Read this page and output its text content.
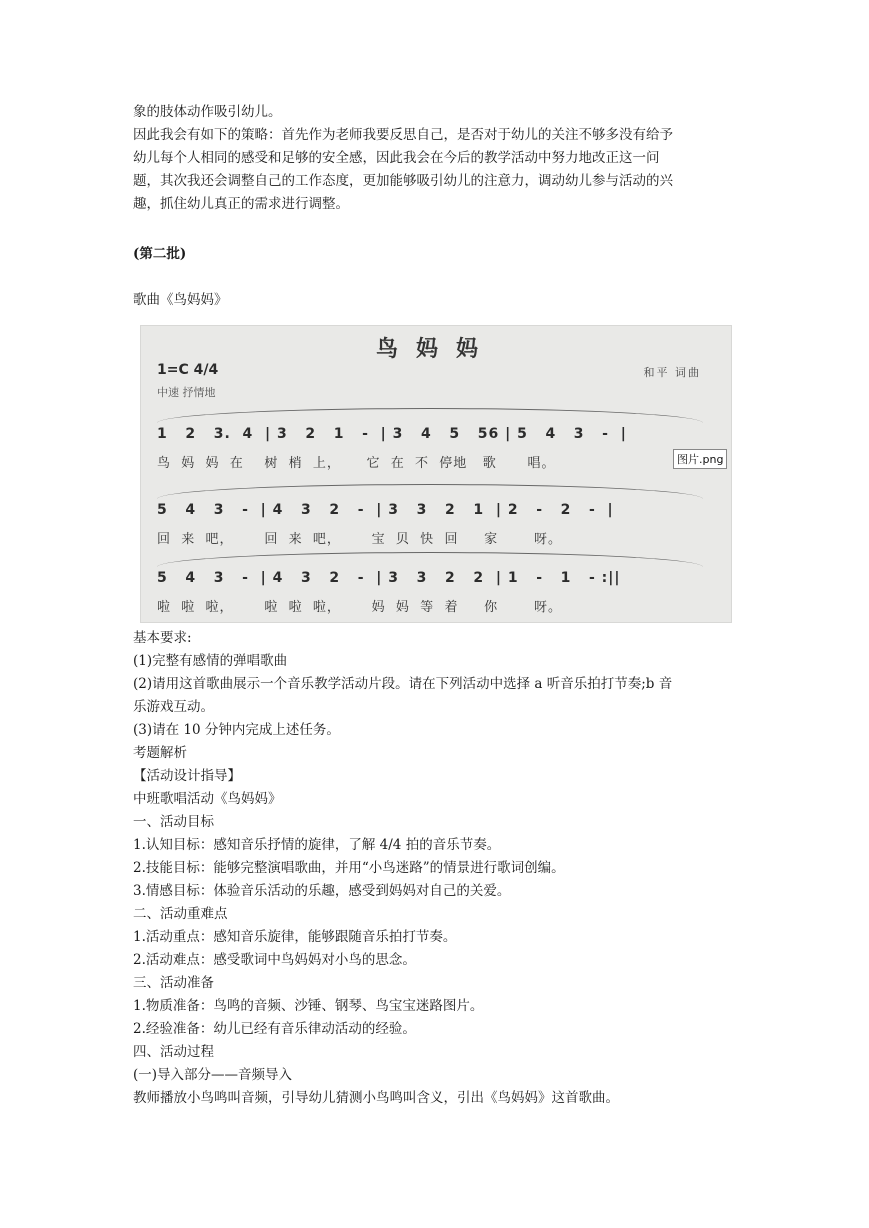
象的肢体动作吸引幼儿。

因此我会有如下的策略：首先作为老师我要反思自己，是否对于幼儿的关注不够多没有给予

幼儿每个人相同的感受和足够的安全感，因此我会在今后的教学活动中努力地改正这一问

题，其次我还会调整自己的工作态度，更加能够吸引幼儿的注意力，调动幼儿参与活动的兴

趣，抓住幼儿真正的需求进行调整。

(第二批)

歌曲《鸟妈妈》

鸟妈妈
1=C 4/4
中速 抒情地
和平 词曲
1   2   3.  4  | 3   2   1   -  | 3   4   5   56 | 5   4   3   -  |
鸟  妈  妈  在    树  梢  上，     它  在  不  停地   歌      唱。
5   4   3   -  | 4   3   2   -  | 3   3   2   1  | 2   -   2   -  |
回  来  吧，      回  来  吧，      宝  贝  快  回     家       呀。
5   4   3   -  | 4   3   2   -  | 3   3   2   2  | 1   -   1   - :||
啦  啦  啦，      啦  啦  啦，      妈  妈  等  着     你       呀。
图片.png

基本要求:

(1)完整有感情的弹唱歌曲

(2)请用这首歌曲展示一个音乐教学活动片段。请在下列活动中选择 a 听音乐拍打节奏;b 音

乐游戏互动。

(3)请在 10 分钟内完成上述任务。

考题解析

【活动设计指导】

中班歌唱活动《鸟妈妈》

一、活动目标

1.认知目标：感知音乐抒情的旋律，了解 4/4 拍的音乐节奏。

2.技能目标：能够完整演唱歌曲，并用“小鸟迷路”的情景进行歌词创编。

3.情感目标：体验音乐活动的乐趣，感受到妈妈对自己的关爱。

二、活动重难点

1.活动重点：感知音乐旋律，能够跟随音乐拍打节奏。

2.活动难点：感受歌词中鸟妈妈对小鸟的思念。

三、活动准备

1.物质准备：鸟鸣的音频、沙锤、钢琴、鸟宝宝迷路图片。

2.经验准备：幼儿已经有音乐律动活动的经验。

四、活动过程

(一)导入部分——音频导入

教师播放小鸟鸣叫音频，引导幼儿猜测小鸟鸣叫含义，引出《鸟妈妈》这首歌曲。
